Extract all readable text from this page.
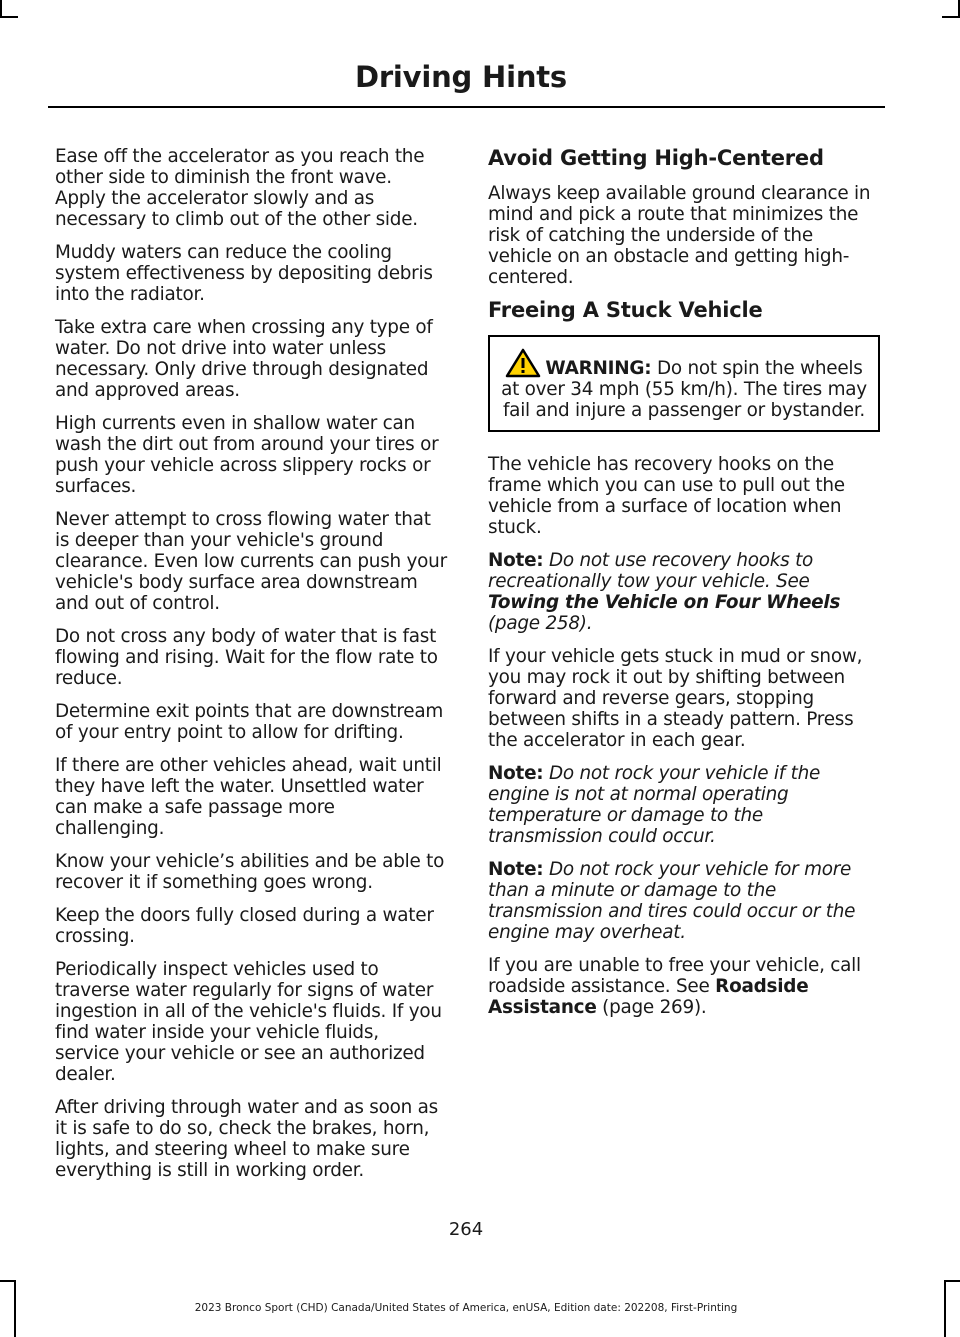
Driving Hints

Ease off the accelerator as you reach the other side to diminish the front wave. Apply the accelerator slowly and as necessary to climb out of the other side.

Muddy waters can reduce the cooling system effectiveness by depositing debris into the radiator.

Take extra care when crossing any type of water. Do not drive into water unless necessary. Only drive through designated and approved areas.

High currents even in shallow water can wash the dirt out from around your tires or push your vehicle across slippery rocks or surfaces.

Never attempt to cross flowing water that is deeper than your vehicle's ground clearance. Even low currents can push your vehicle's body surface area downstream and out of control.

Do not cross any body of water that is fast flowing and rising. Wait for the flow rate to reduce.

Determine exit points that are downstream of your entry point to allow for drifting.

If there are other vehicles ahead, wait until they have left the water. Unsettled water can make a safe passage more challenging.

Know your vehicle’s abilities and be able to recover it if something goes wrong.

Keep the doors fully closed during a water crossing.

Periodically inspect vehicles used to traverse water regularly for signs of water ingestion in all of the vehicle's fluids. If you find water inside your vehicle fluids, service your vehicle or see an authorized dealer.

After driving through water and as soon as it is safe to do so, check the brakes, horn, lights, and steering wheel to make sure everything is still in working order.

Avoid Getting High-Centered

Always keep available ground clearance in mind and pick a route that minimizes the risk of catching the underside of the vehicle on an obstacle and getting high-centered.

Freeing A Stuck Vehicle
WARNING: Do not spin the wheels at over 34 mph (55 km/h). The tires may fail and injure a passenger or bystander.

The vehicle has recovery hooks on the frame which you can use to pull out the vehicle from a surface of location when stuck.

Note: Do not use recovery hooks to recreationally tow your vehicle. See Towing the Vehicle on Four Wheels (page 258).

If your vehicle gets stuck in mud or snow, you may rock it out by shifting between forward and reverse gears, stopping between shifts in a steady pattern. Press the accelerator in each gear.

Note: Do not rock your vehicle if the engine is not at normal operating temperature or damage to the transmission could occur.

Note: Do not rock your vehicle for more than a minute or damage to the transmission and tires could occur or the engine may overheat.

If you are unable to free your vehicle, call roadside assistance. See Roadside Assistance (page 269).

264
2023 Bronco Sport (CHD) Canada/United States of America, enUSA, Edition date: 202208, First-Printing
